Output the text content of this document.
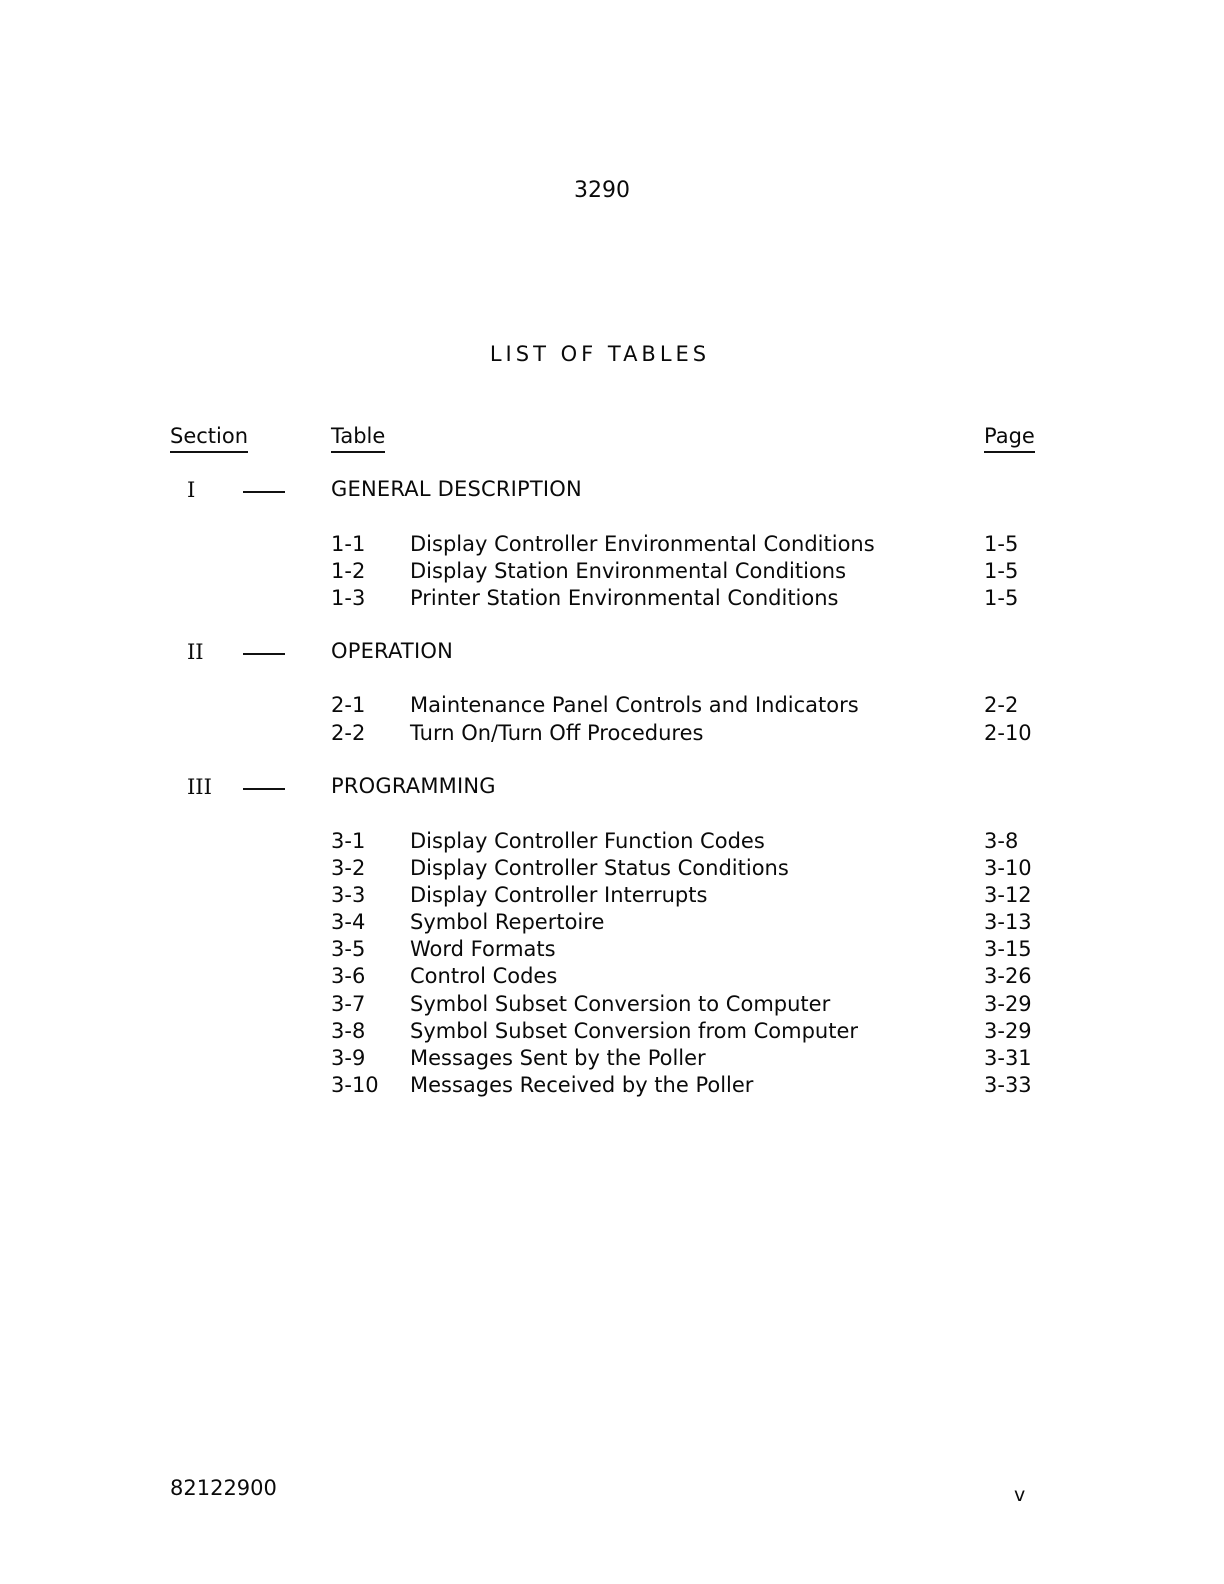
3290
LIST OF TABLES
Section	Table	Page
I	GENERAL DESCRIPTION
1-1 Display Controller Environmental Conditions	1-5
1-2 Display Station Environmental Conditions	1-5
1-3 Printer Station Environmental Conditions	1-5
II	OPERATION
2-1 Maintenance Panel Controls and Indicators	2-2
2-2 Turn On/Turn Off Procedures	2-10
III	PROGRAMMING
3-1 Display Controller Function Codes	3-8
3-2 Display Controller Status Conditions	3-10
3-3 Display Controller Interrupts	3-12
3-4 Symbol Repertoire	3-13
3-5 Word Formats	3-15
3-6 Control Codes	3-26
3-7 Symbol Subset Conversion to Computer	3-29
3-8 Symbol Subset Conversion from Computer	3-29
3-9 Messages Sent by the Poller	3-31
3-10 Messages Received by the Poller	3-33
82122900	v
